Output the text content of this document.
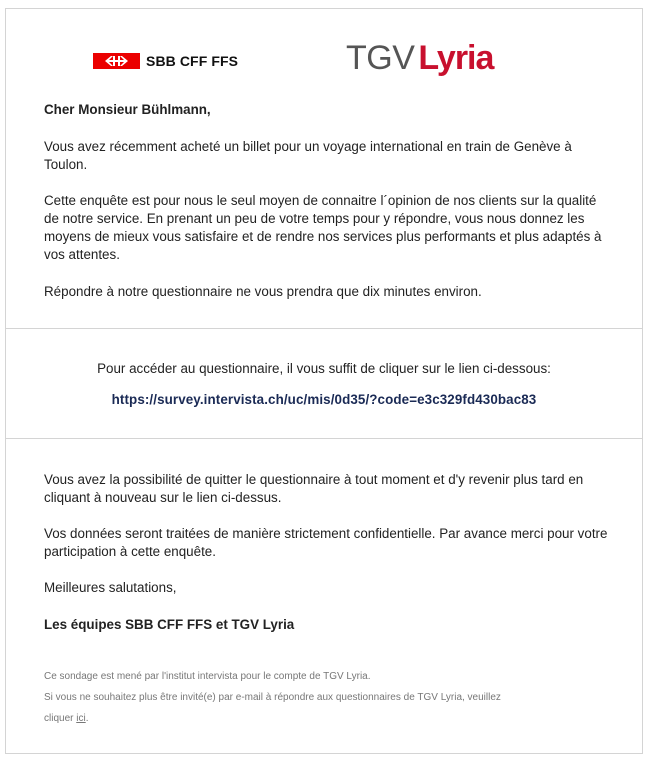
SBB CFF FFS	TGV Lyria

Cher Monsieur Bühlmann,

Vous avez récemment acheté un billet pour un voyage international en train de Genève à Toulon.

Cette enquête est pour nous le seul moyen de connaitre l´opinion de nos clients sur la qualité de notre service. En prenant un peu de votre temps pour y répondre, vous nous donnez les moyens de mieux vous satisfaire et de rendre nos services plus performants et plus adaptés à vos attentes.

Répondre à notre questionnaire ne vous prendra que dix minutes environ.

Pour accéder au questionnaire, il vous suffit de cliquer sur le lien ci-dessous:

https://survey.intervista.ch/uc/mis/0d35/?code=e3c329fd430bac83

Vous avez la possibilité de quitter le questionnaire à tout moment et d'y revenir plus tard en cliquant à nouveau sur le lien ci-dessus.

Vos données seront traitées de manière strictement confidentielle. Par avance merci pour votre participation à cette enquête.

Meilleures salutations,

Les équipes SBB CFF FFS et TGV Lyria

Ce sondage est mené par l'institut intervista pour le compte de TGV Lyria.

Si vous ne souhaitez plus être invité(e) par e-mail à répondre aux questionnaires de TGV Lyria, veuillez

cliquer ici.
